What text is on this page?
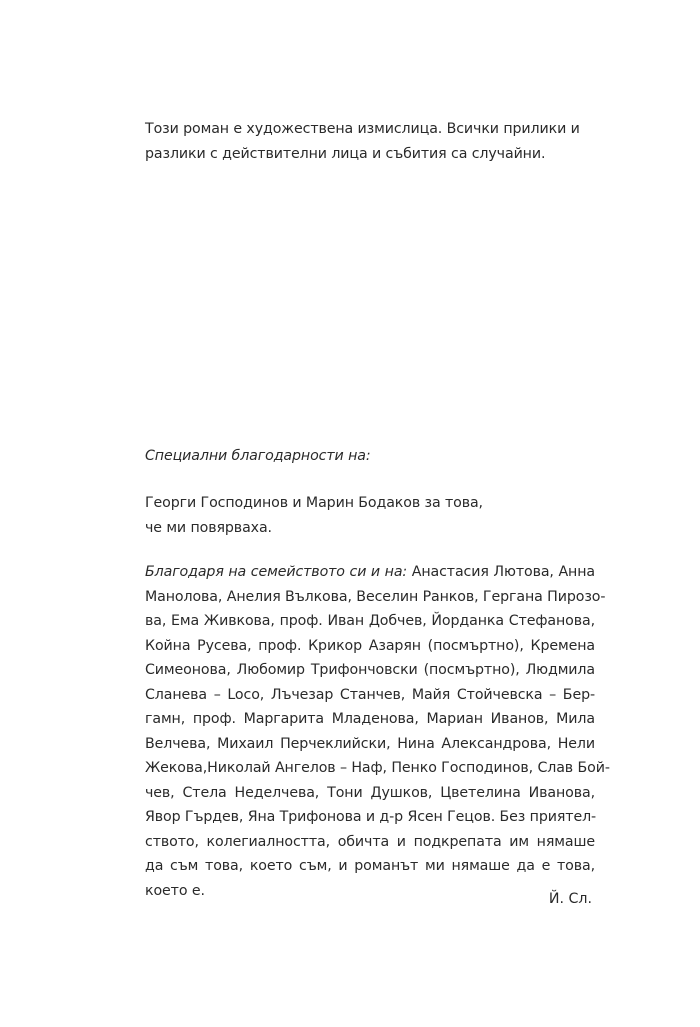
Този роман е художествена измислица. Всички прилики и
разлики с действителни лица и събития са случайни.
Специални благодарности на:
Георги Господинов и Марин Бодаков за това,
че ми повярваха.
Благодаря на семейството си и на: Анастасия Лютова, Анна
Манолова, Анелия Вълкова, Веселин Ранков, Гергана Пирозо-
ва, Ема Живкова, проф. Иван Добчев, Йорданка Стефанова,
Койна Русева, проф. Крикор Азарян (посмъртно), Кремена
Симеонова, Любомир Трифончовски (посмъртно), Людмила
Сланева – Loco, Лъчезар Станчев, Майя Стойчевска – Бер-
гамн, проф. Маргарита Младенова, Мариан Иванов, Мила
Велчева, Михаил Перчеклийски, Нина Александрова, Нели
Жекова,Николай Ангелов – Наф, Пенко Господинов, Слав Бой-
чев, Стела Неделчева, Тони Душков, Цветелина Иванова,
Явор Гърдев, Яна Трифонова и д-р Ясен Гецов. Без приятел-
ството, колегиалността, обичта и подкрепата им нямаше
да съм това, което съм, и романът ми нямаше да е това,
което е.
Й. Сл.
